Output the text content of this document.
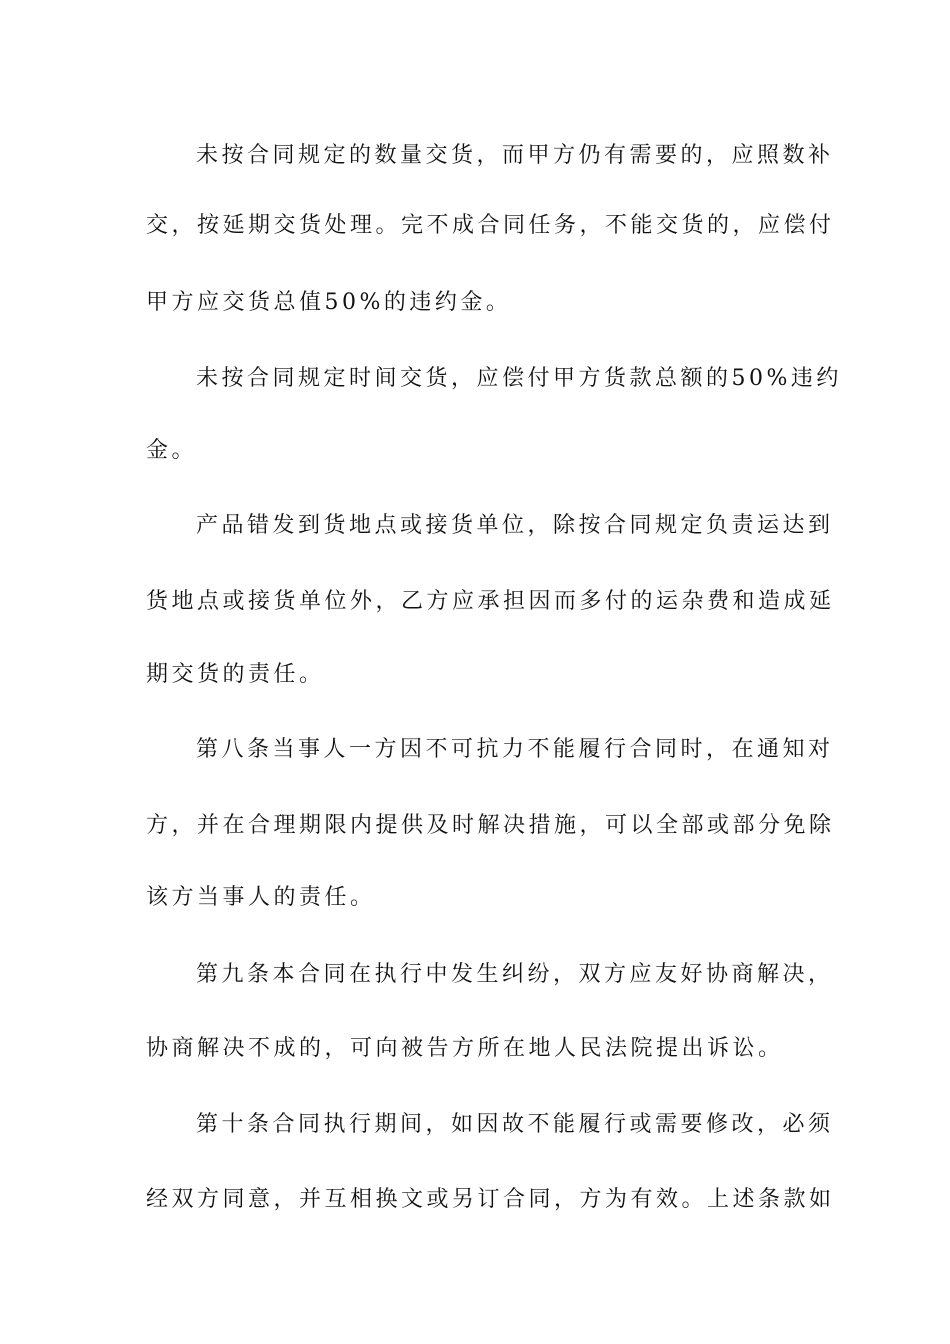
未按合同规定的数量交货，而甲方仍有需要的，应照数补
交，按延期交货处理。完不成合同任务，不能交货的，应偿付
甲方应交货总值50%的违约金。
未按合同规定时间交货，应偿付甲方货款总额的50%违约
金。
产品错发到货地点或接货单位，除按合同规定负责运达到
货地点或接货单位外，乙方应承担因而多付的运杂费和造成延
期交货的责任。
第八条当事人一方因不可抗力不能履行合同时，在通知对
方，并在合理期限内提供及时解决措施，可以全部或部分免除
该方当事人的责任。
第九条本合同在执行中发生纠纷，双方应友好协商解决，
协商解决不成的，可向被告方所在地人民法院提出诉讼。
第十条合同执行期间，如因故不能履行或需要修改，必须
经双方同意，并互相换文或另订合同，方为有效。上述条款如
